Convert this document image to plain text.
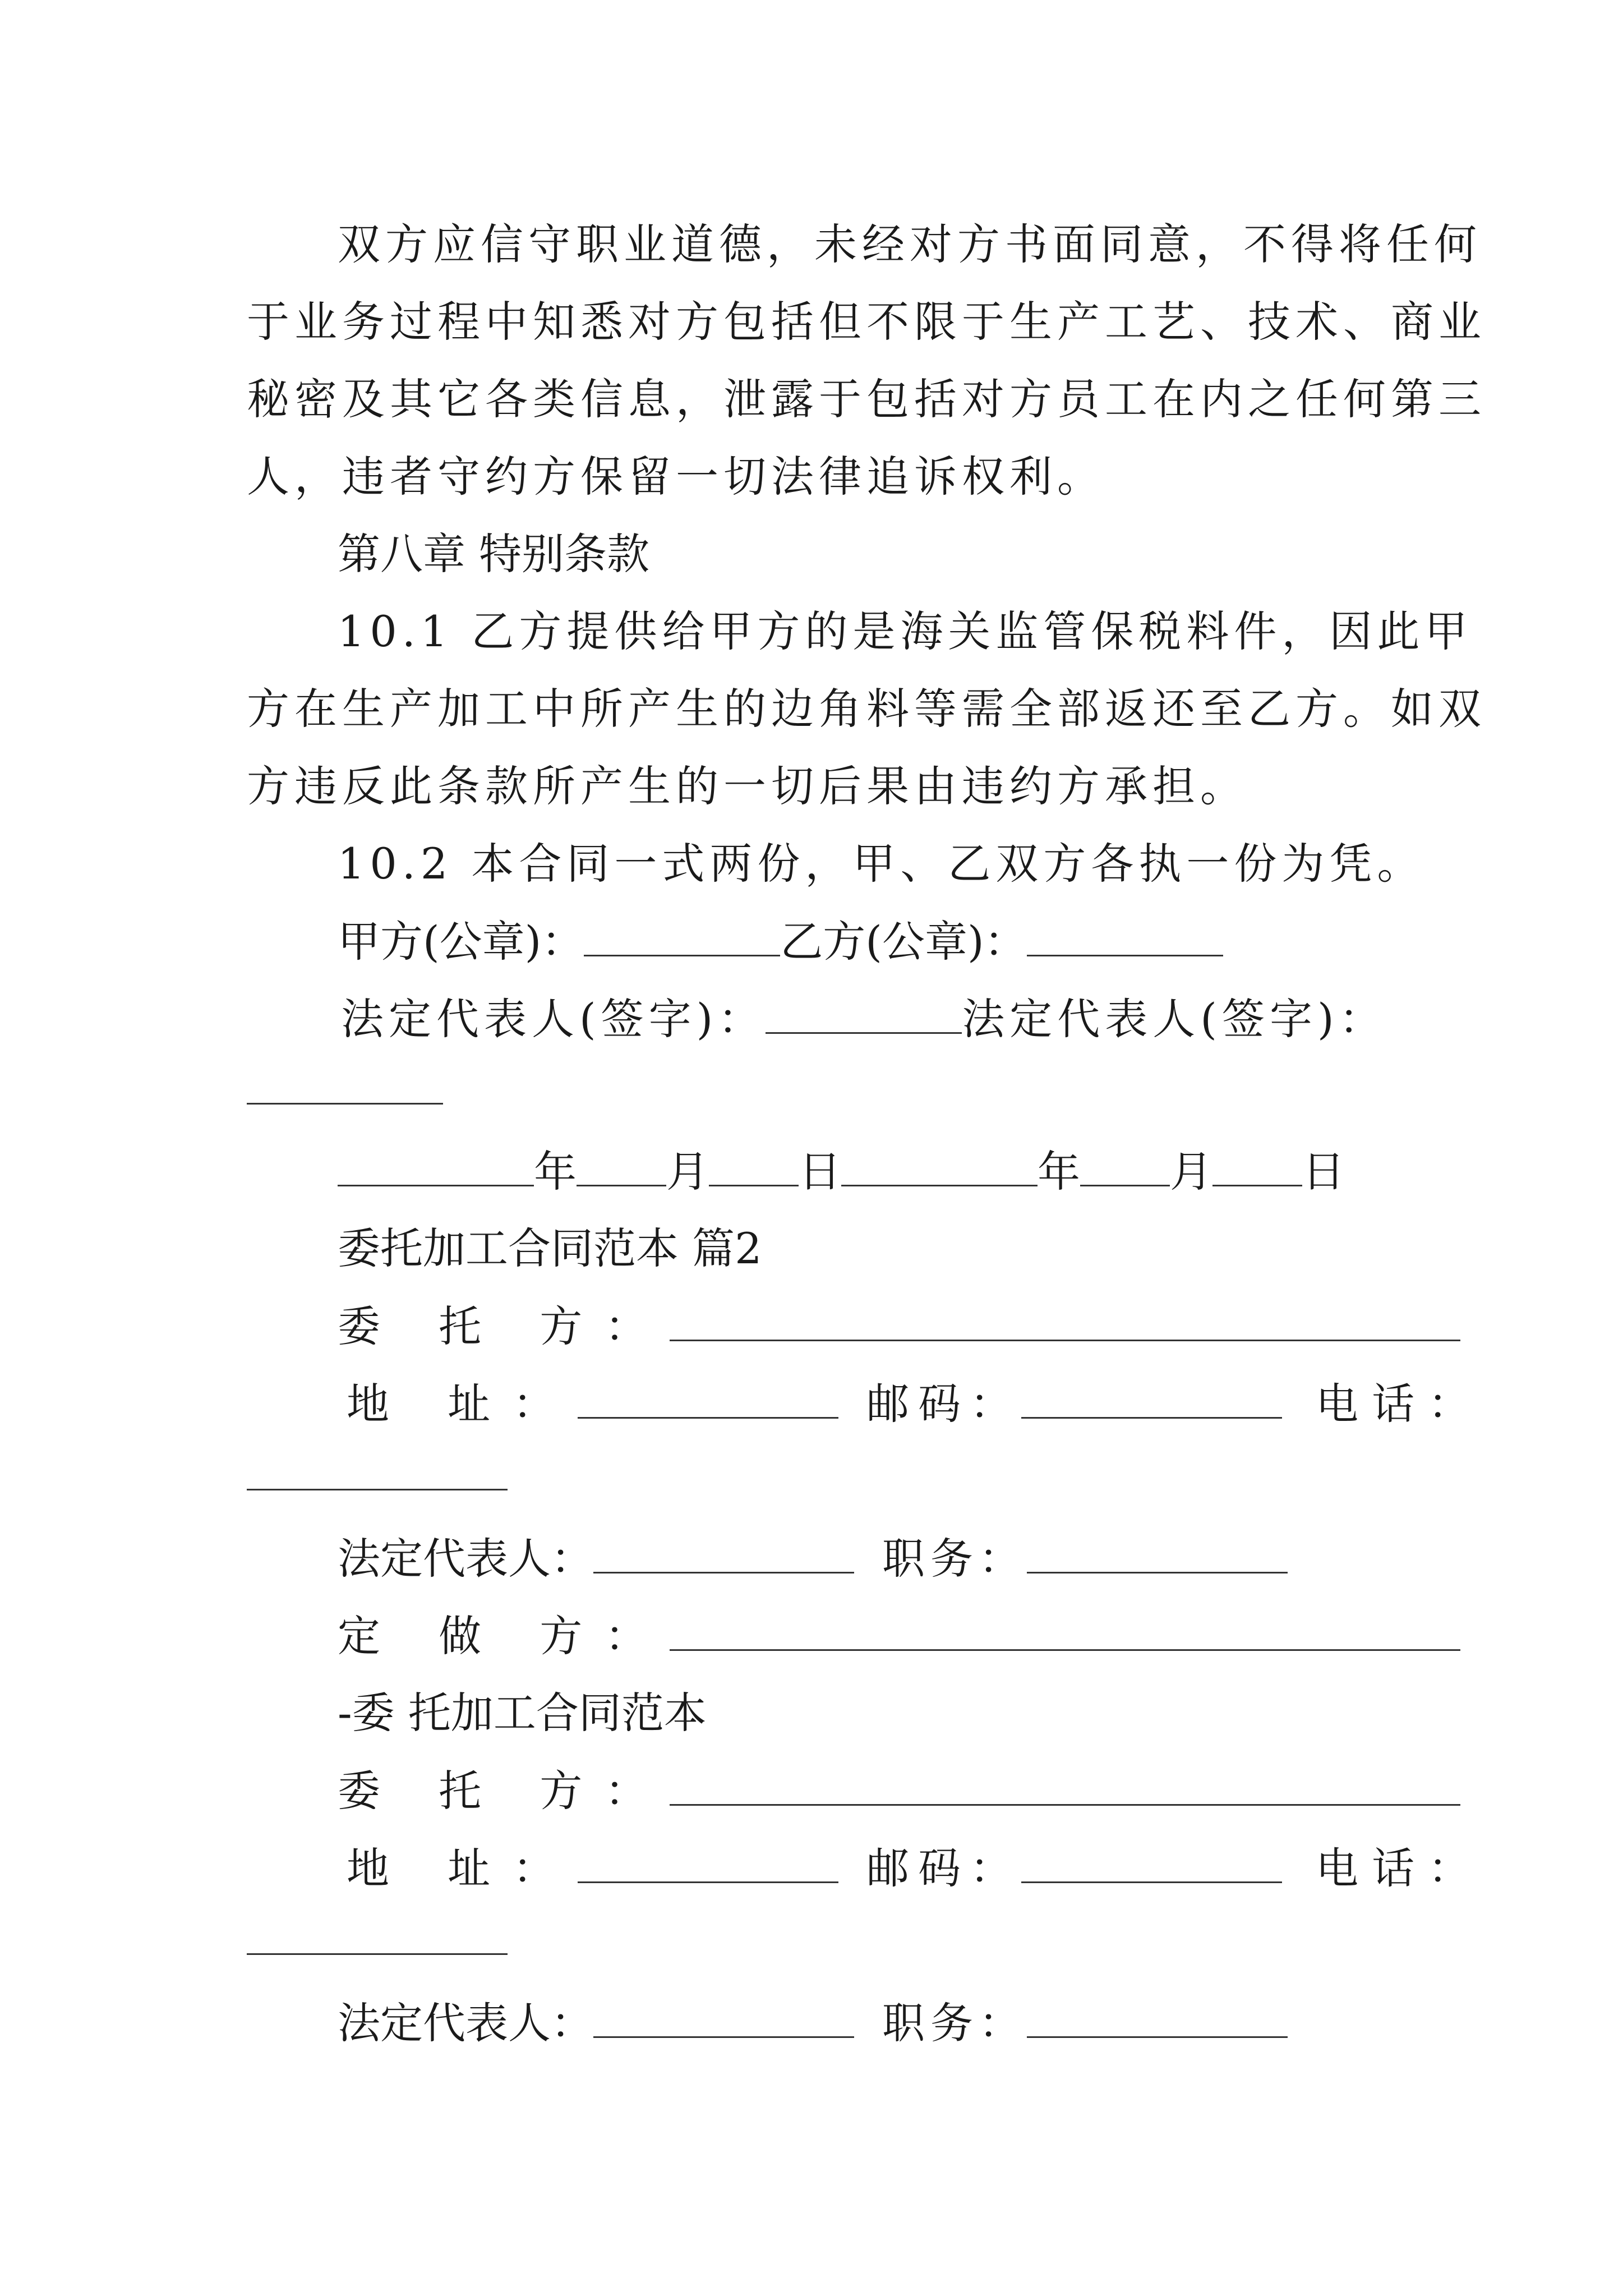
双方应信守职业道德，未经对方书面同意，不得将任何
于业务过程中知悉对方包括但不限于生产工艺、技术、商业
秘密及其它各类信息，泄露于包括对方员工在内之任何第三
人，违者守约方保留一切法律追诉权利。
第八章 特别条款
10.1 乙方提供给甲方的是海关监管保税料件，因此甲
方在生产加工中所产生的边角料等需全部返还至乙方。如双
方违反此条款所产生的一切后果由违约方承担。
10.2 本合同一式两份，甲、乙双方各执一份为凭。
甲方(公章)：	乙方(公章)：
法定代表人(签字)：	法定代表人(签字)：
年 月 日	年 月 日
委托加工合同范本 篇2
委 托 方：
地 址：	邮码：	电话：
法定代表人：	职务：
定 做 方：
-委 托加工合同范本
委 托 方：
地 址：	邮码：	电话：
法定代表人：	职务：
